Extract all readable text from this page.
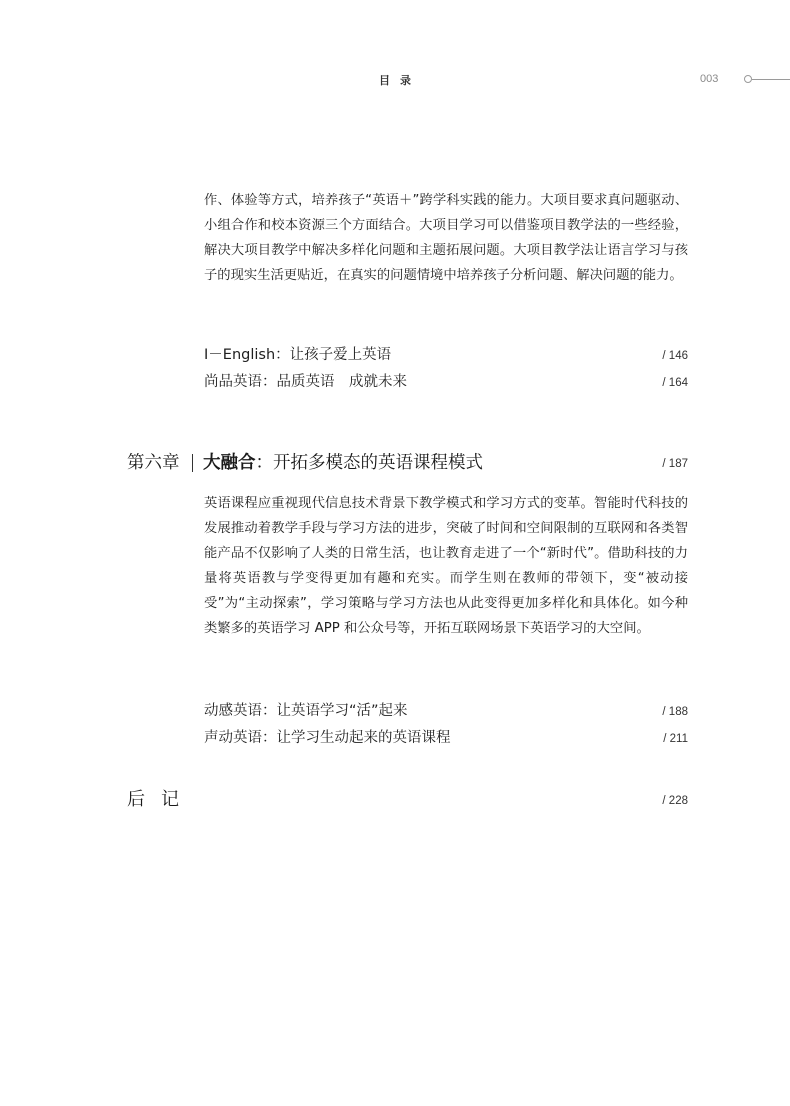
目录	003

作、体验等方式，培养孩子“英语＋”跨学科实践的能力。大项目要求真问题驱动、小组合作和校本资源三个方面结合。大项目学习可以借鉴项目教学法的一些经验，解决大项目教学中解决多样化问题和主题拓展问题。大项目教学法让语言学习与孩子的现实生活更贴近，在真实的问题情境中培养孩子分析问题、解决问题的能力。

I－English：让孩子爱上英语	/ 146
尚品英语：品质英语　成就未来	/ 164
第六章 大融合：开拓多模态的英语课程模式	/ 187

英语课程应重视现代信息技术背景下教学模式和学习方式的变革。智能时代科技的发展推动着教学手段与学习方法的进步，突破了时间和空间限制的互联网和各类智能产品不仅影响了人类的日常生活，也让教育走进了一个“新时代”。借助科技的力量将英语教与学变得更加有趣和充实。而学生则在教师的带领下，变“被动接受”为“主动探索”，学习策略与学习方法也从此变得更加多样化和具体化。如今种类繁多的英语学习 APP 和公众号等，开拓互联网场景下英语学习的大空间。

动感英语：让英语学习“活”起来	/ 188
声动英语：让学习生动起来的英语课程	/ 211
后记	/ 228
